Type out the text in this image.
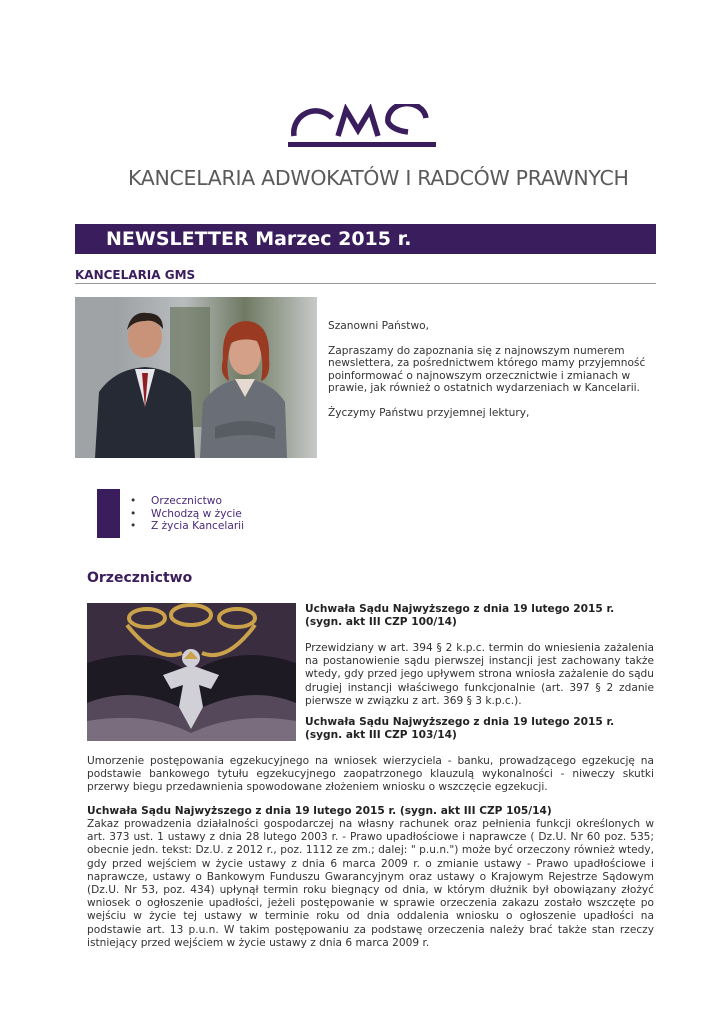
KANCELARIA ADWOKATÓW I RADCÓW PRAWNYCH
NEWSLETTER Marzec 2015 r.
KANCELARIA GMS

Szanowni Państwo,

Zapraszamy do zapoznania się z najnowszym numerem newslettera, za pośrednictwem którego mamy przyjemność poinformować o najnowszym orzecznictwie i zmianach w prawie, jak również o ostatnich wydarzeniach w Kancelarii.

Życzymy Państwu przyjemnej lektury,

• Orzecznictwo
• Wchodzą w życie
• Z życia Kancelarii
Orzecznictwo
Uchwała Sądu Najwyższego z dnia 19 lutego 2015 r. (sygn. akt III CZP 100/14)
Przewidziany w art. 394 § 2 k.p.c. termin do wniesienia zażalenia na postanowienie sądu pierwszej instancji jest zachowany także wtedy, gdy przed jego upływem strona wniosła zażalenie do sądu drugiej instancji właściwego funkcjonalnie (art. 397 § 2 zdanie pierwsze w związku z art. 369 § 3 k.p.c.).
Uchwała Sądu Najwyższego z dnia 19 lutego 2015 r. (sygn. akt III CZP 103/14)
Umorzenie postępowania egzekucyjnego na wniosek wierzyciela - banku, prowadzącego egzekucję na podstawie bankowego tytułu egzekucyjnego zaopatrzonego klauzulą wykonalności - niweczy skutki przerwy biegu przedawnienia spowodowane złożeniem wniosku o wszczęcie egzekucji.
Uchwała Sądu Najwyższego z dnia 19 lutego 2015 r. (sygn. akt III CZP 105/14)
Zakaz prowadzenia działalności gospodarczej na własny rachunek oraz pełnienia funkcji określonych w art. 373 ust. 1 ustawy z dnia 28 lutego 2003 r. - Prawo upadłościowe i naprawcze ( Dz.U. Nr 60 poz. 535; obecnie jedn. tekst: Dz.U. z 2012 r., poz. 1112 ze zm.; dalej: " p.u.n.") może być orzeczony również wtedy, gdy przed wejściem w życie ustawy z dnia 6 marca 2009 r. o zmianie ustawy - Prawo upadłościowe i naprawcze, ustawy o Bankowym Funduszu Gwarancyjnym oraz ustawy o Krajowym Rejestrze Sądowym (Dz.U. Nr 53, poz. 434) upłynął termin roku biegnący od dnia, w którym dłużnik był obowiązany złożyć wniosek o ogłoszenie upadłości, jeżeli postępowanie w sprawie orzeczenia zakazu zostało wszczęte po wejściu w życie tej ustawy w terminie roku od dnia oddalenia wniosku o ogłoszenie upadłości na podstawie art. 13 p.u.n. W takim postępowaniu za podstawę orzeczenia należy brać także stan rzeczy istniejący przed wejściem w życie ustawy z dnia 6 marca 2009 r.
